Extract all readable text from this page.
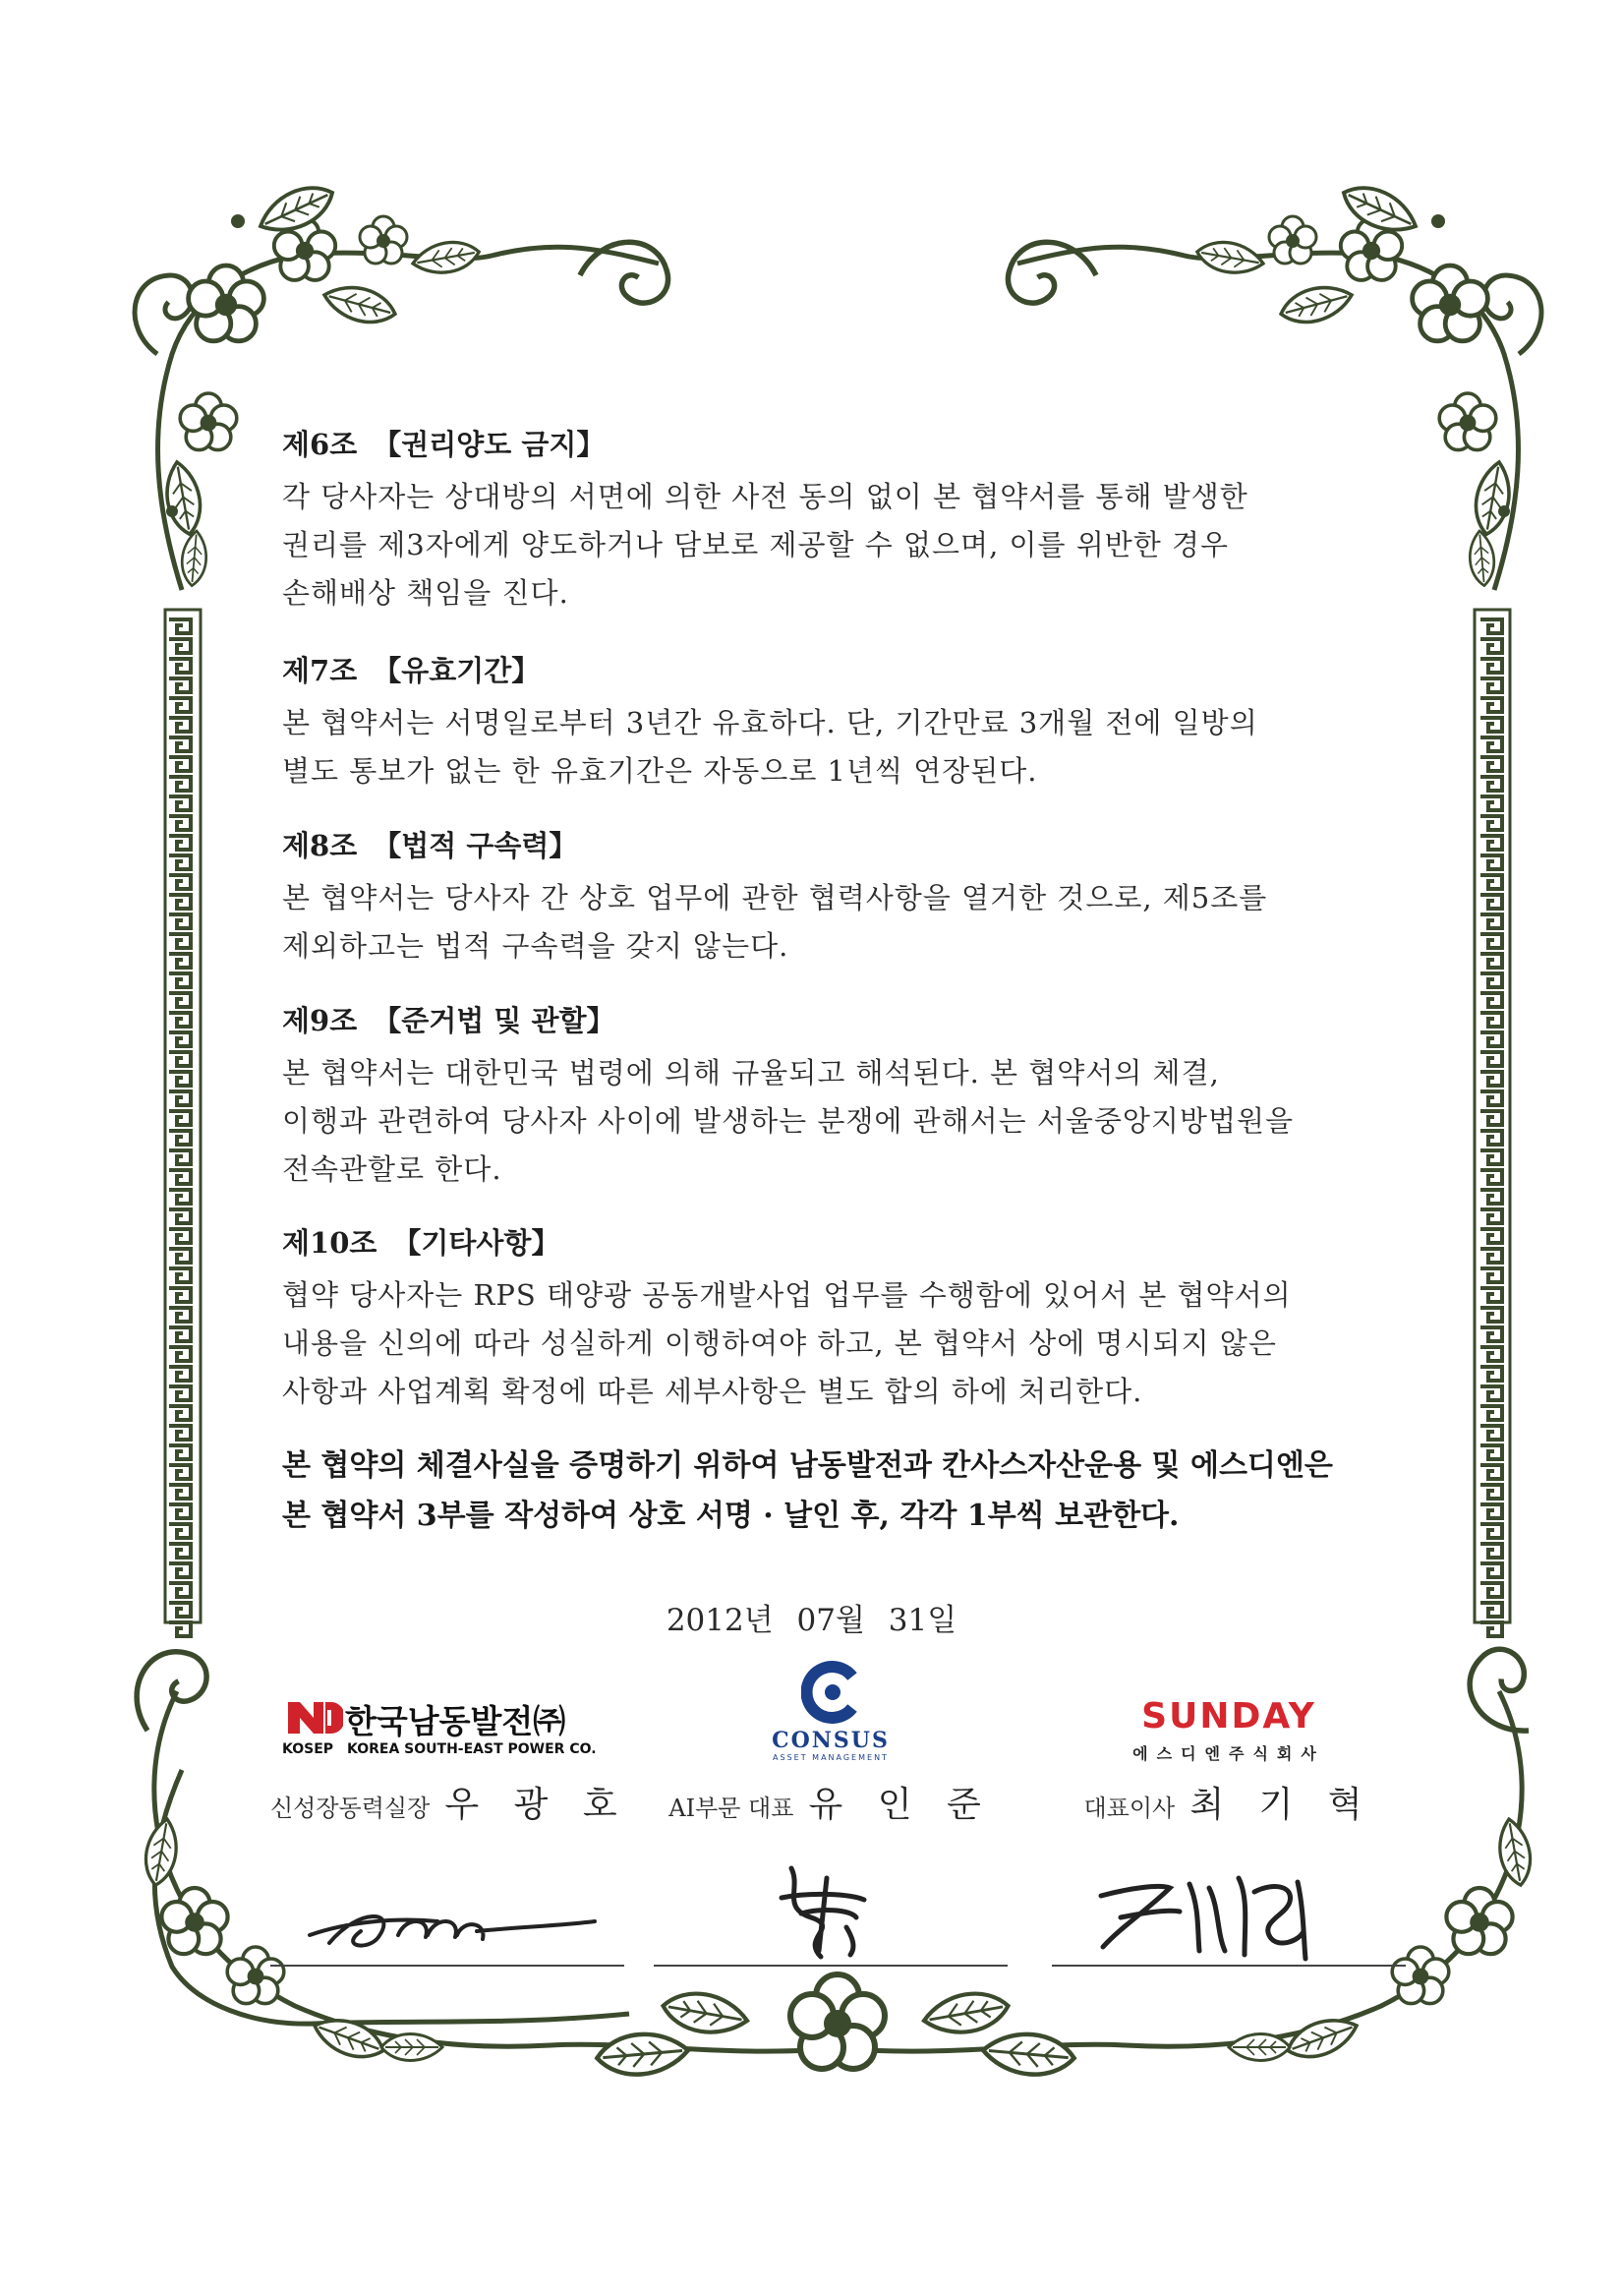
제6조 【권리양도 금지】
각 당사자는 상대방의 서면에 의한 사전 동의 없이 본 협약서를 통해 발생한
권리를 제3자에게 양도하거나 담보로 제공할 수 없으며, 이를 위반한 경우
손해배상 책임을 진다.
제7조 【유효기간】
본 협약서는 서명일로부터 3년간 유효하다. 단, 기간만료 3개월 전에 일방의
별도 통보가 없는 한 유효기간은 자동으로 1년씩 연장된다.
제8조 【법적 구속력】
본 협약서는 당사자 간 상호 업무에 관한 협력사항을 열거한 것으로, 제5조를
제외하고는 법적 구속력을 갖지 않는다.
제9조 【준거법 및 관할】
본 협약서는 대한민국 법령에 의해 규율되고 해석된다. 본 협약서의 체결,
이행과 관련하여 당사자 사이에 발생하는 분쟁에 관해서는 서울중앙지방법원을
전속관할로 한다.
제10조 【기타사항】
협약 당사자는 RPS 태양광 공동개발사업 업무를 수행함에 있어서 본 협약서의
내용을 신의에 따라 성실하게 이행하여야 하고, 본 협약서 상에 명시되지 않은
사항과 사업계획 확정에 따른 세부사항은 별도 합의 하에 처리한다.
본 협약의 체결사실을 증명하기 위하여 남동발전과 칸사스자산운용 및 에스디엔은
본 협약서 3부를 작성하여 상호 서명 · 날인 후, 각각 1부씩 보관한다.
2012년 07월 31일
한국남동발전㈜
KOSEP KOREA SOUTH-EAST POWER CO.
신성장동력실장 우 광 호
CONSUS
ASSET MANAGEMENT
AI부문 대표 유 인 준
SUNDAY
에스디엔주식회사
대표이사 최 기 혁
